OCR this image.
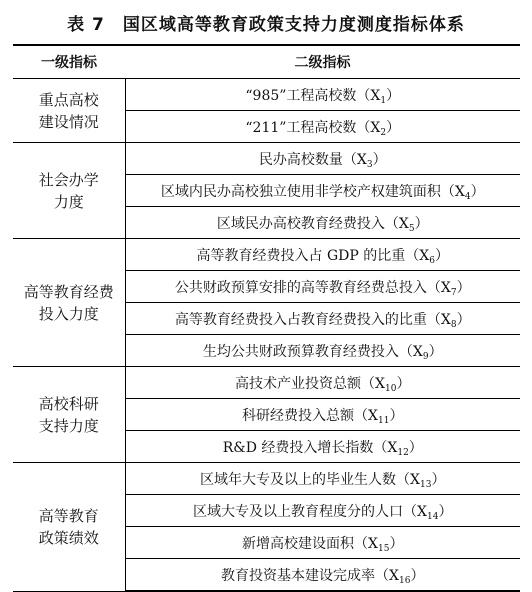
表 7 国区域高等教育政策支持力度测度指标体系
一级指标	二级指标

重点高校
建设情况	“985”工程高校数$(X_1)$
	“211”工程高校数$(X_2)$

社会办学
力度	民办高校数量$(X_3)$
	区域内民办高校独立使用非学校产权建筑面积$(X_4)$
	区域民办高校教育经费投入$(X_5)$

高等教育经费
投入力度	高等教育经费投入占 GDP 的比重$(X_6)$
	公共财政预算安排的高等教育经费总投入$(X_7)$
	高等教育经费投入占教育经费投入的比重$(X_8)$
	生均公共财政预算教育经费投入$(X_9)$

高校科研
支持力度	高技术产业投资总额$(X_{10})$
	科研经费投入总额$(X_{11})$
	R&D 经费投入增长指数$(X_{12})$

高等教育
政策绩效	区域年大专及以上的毕业生人数$(X_{13})$
	区域大专及以上教育程度分的人口$(X_{14})$
	新增高校建设面积$(X_{15})$
	教育投资基本建设完成率$(X_{16})$
